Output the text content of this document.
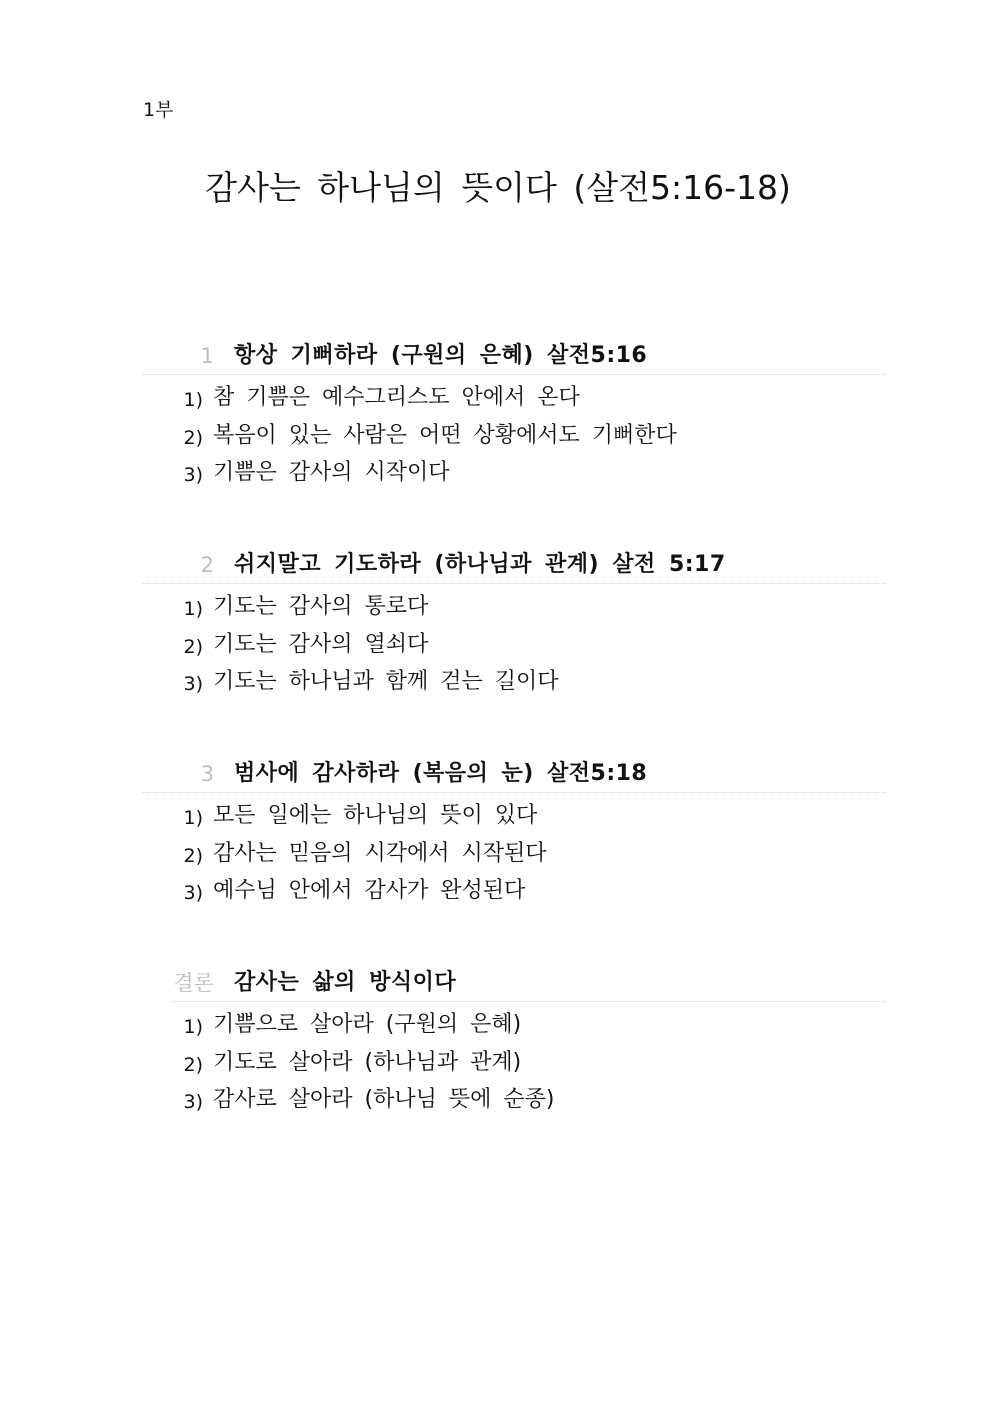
1부
감사는 하나님의 뜻이다 (살전5:16-18)
1 항상 기뻐하라 (구원의 은혜) 살전5:16
1) 참 기쁨은 예수그리스도 안에서 온다
2) 복음이 있는 사람은 어떤 상황에서도 기뻐한다
3) 기쁨은 감사의 시작이다
2 쉬지말고 기도하라 (하나님과 관계) 살전 5:17
1) 기도는 감사의 통로다
2) 기도는 감사의 열쇠다
3) 기도는 하나님과 함께 걷는 길이다
3 범사에 감사하라 (복음의 눈) 살전5:18
1) 모든 일에는 하나님의 뜻이 있다
2) 감사는 믿음의 시각에서 시작된다
3) 예수님 안에서 감사가 완성된다
결론 감사는 삶의 방식이다
1) 기쁨으로 살아라 (구원의 은혜)
2) 기도로 살아라 (하나님과 관계)
3) 감사로 살아라 (하나님 뜻에 순종)
